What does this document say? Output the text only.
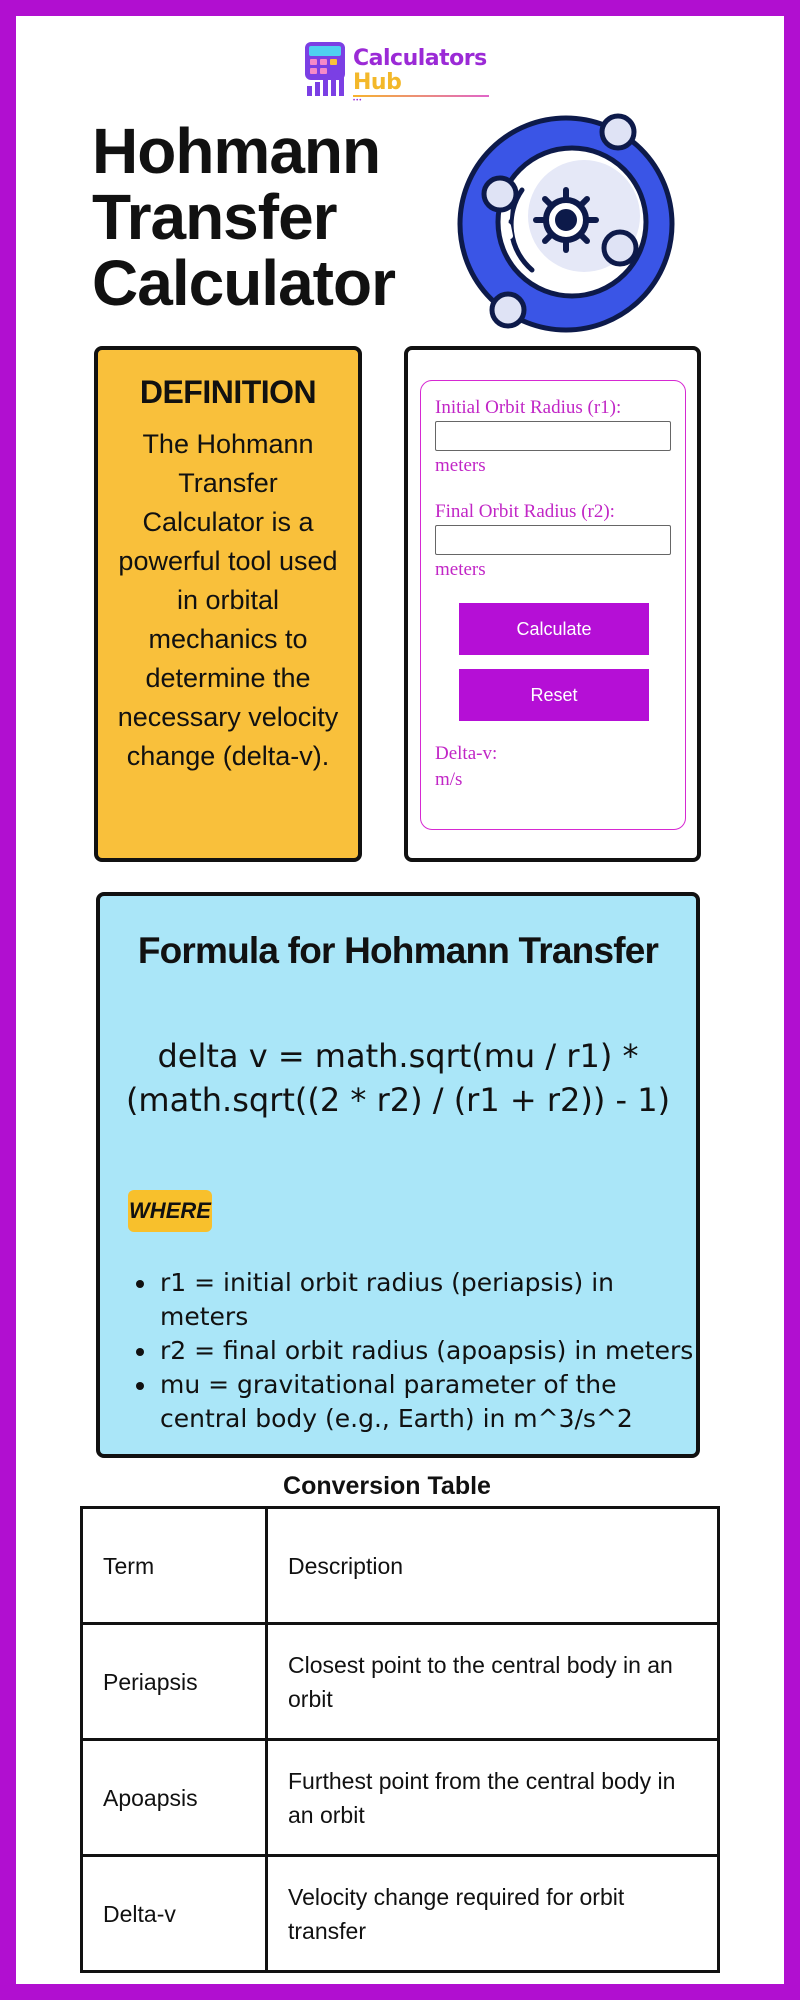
Calculators
Hub
•••
Hohmann Transfer Calculator
DEFINITION
The Hohmann Transfer Calculator is a powerful tool used in orbital mechanics to determine the necessary velocity change (delta-v).
Initial Orbit Radius (r1):
meters
Final Orbit Radius (r2):
meters
Calculate
Reset
Delta-v:
m/s
Formula for Hohmann Transfer
delta v = math.sqrt(mu / r1) * (math.sqrt((2 * r2) / (r1 + r2)) - 1)
WHERE
r1 = initial orbit radius (periapsis) in meters
r2 = final orbit radius (apoapsis) in meters
mu = gravitational parameter of the central body (e.g., Earth) in m^3/s^2
Conversion Table
Term	Description
Periapsis	Closest point to the central body in an orbit
Apoapsis	Furthest point from the central body in an orbit
Delta-v	Velocity change required for orbit transfer
